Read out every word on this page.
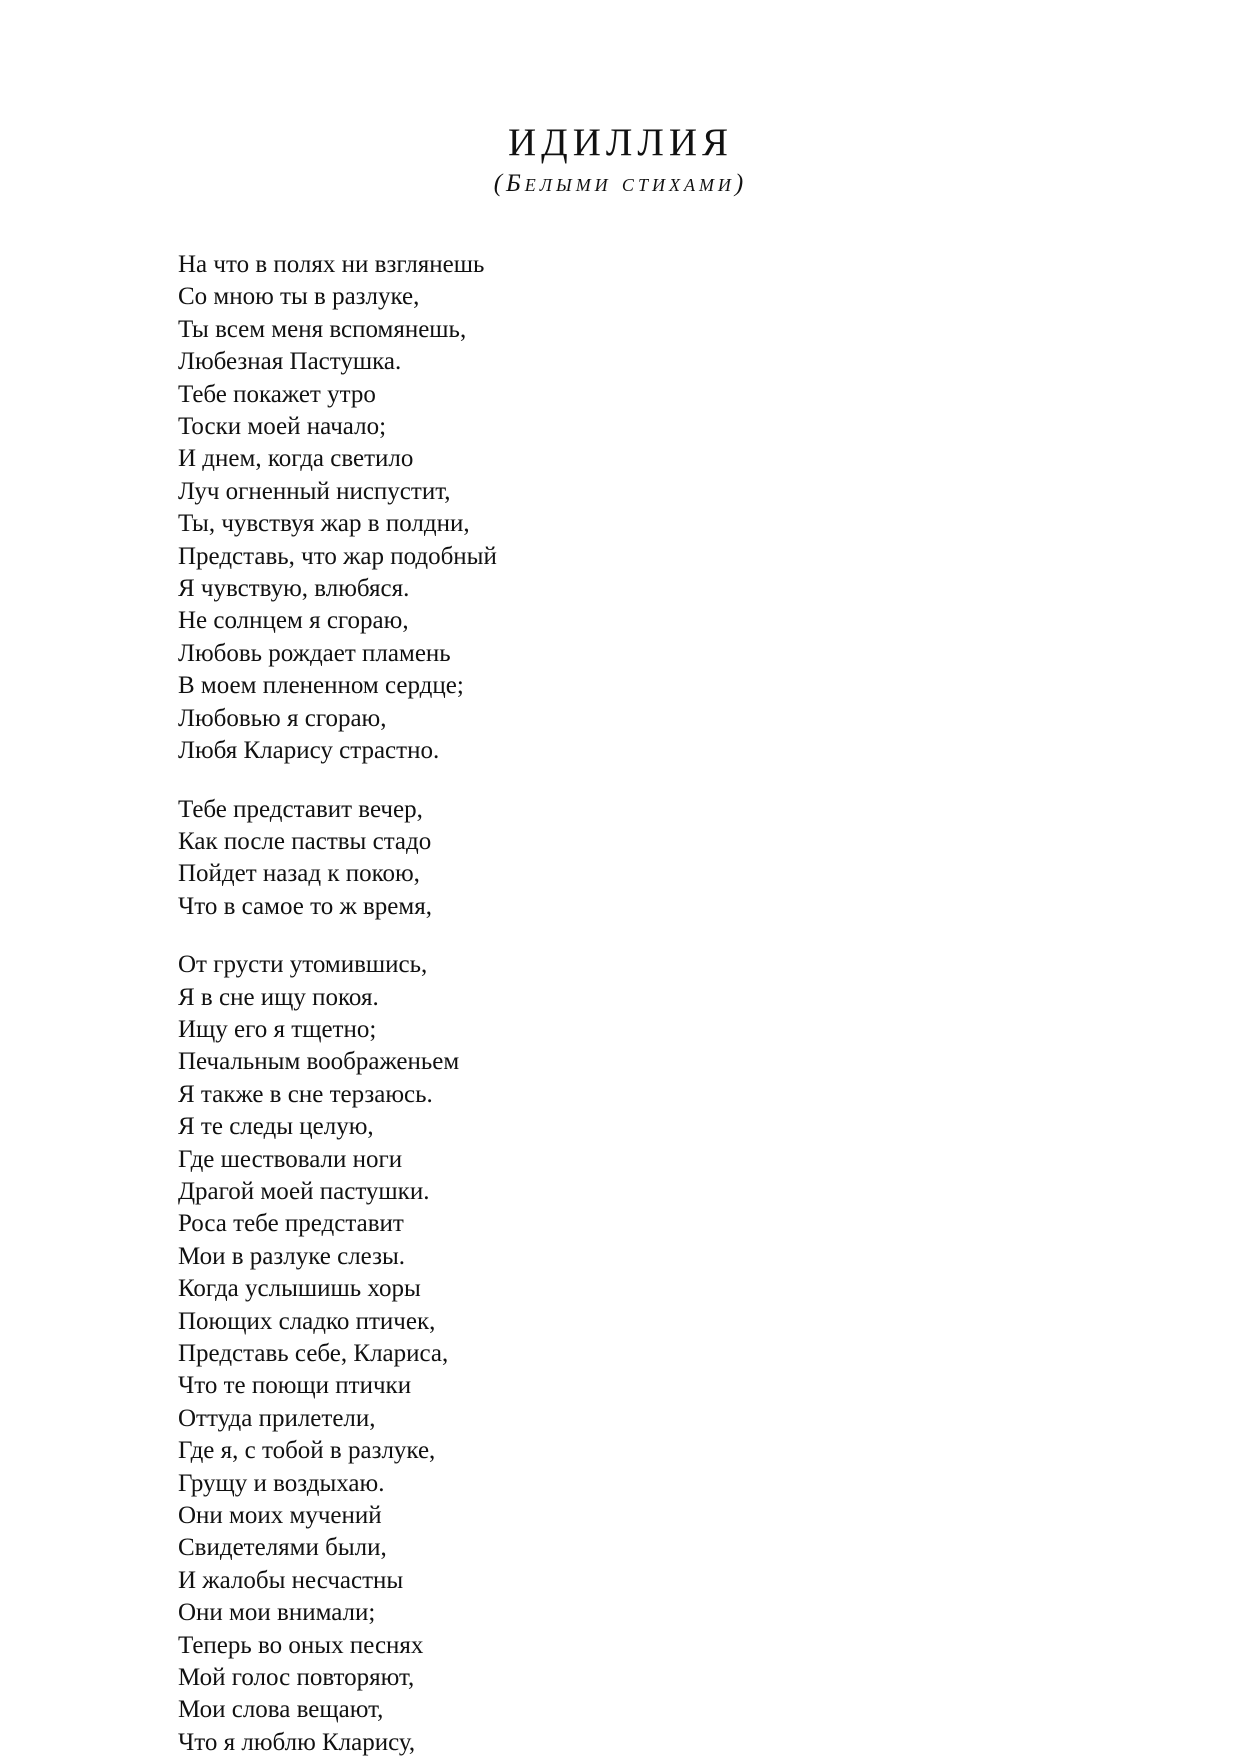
ИДИЛЛИЯ

(Белыми стихами)

На что в полях ни взглянешь
Со мною ты в разлуке,
Ты всем меня вспомянешь,
Любезная Пастушка.
Тебе покажет утро
Тоски моей начало;
И днем, когда светило
Луч огненный ниспустит,
Ты, чувствуя жар в полдни,
Представь, что жар подобный
Я чувствую, влюбяся.
Не солнцем я сгораю,
Любовь рождает пламень
В моем плененном сердце;
Любовью я сгораю,
Любя Кларису страстно.
Тебе представит вечер,
Как после паствы стадо
Пойдет назад к покою,
Что в самое то ж время,
От грусти утомившись,
Я в сне ищу покоя.
Ищу его я тщетно;
Печальным воображеньем
Я также в сне терзаюсь.
Я те следы целую,
Где шествовали ноги
Драгой моей пастушки.
Роса тебе представит
Мои в разлуке слезы.
Когда услышишь хоры
Поющих сладко птичек,
Представь себе, Клариса,
Что те поющи птички
Оттуда прилетели,
Где я, с тобой в разлуке,
Грущу и воздыхаю.
Они моих мучений
Свидетелями были,
И жалобы несчастны
Они мои внимали;
Теперь во оных песнях
Мой голос повторяют,
Мои слова вещают,
Что я люблю Кларису,
